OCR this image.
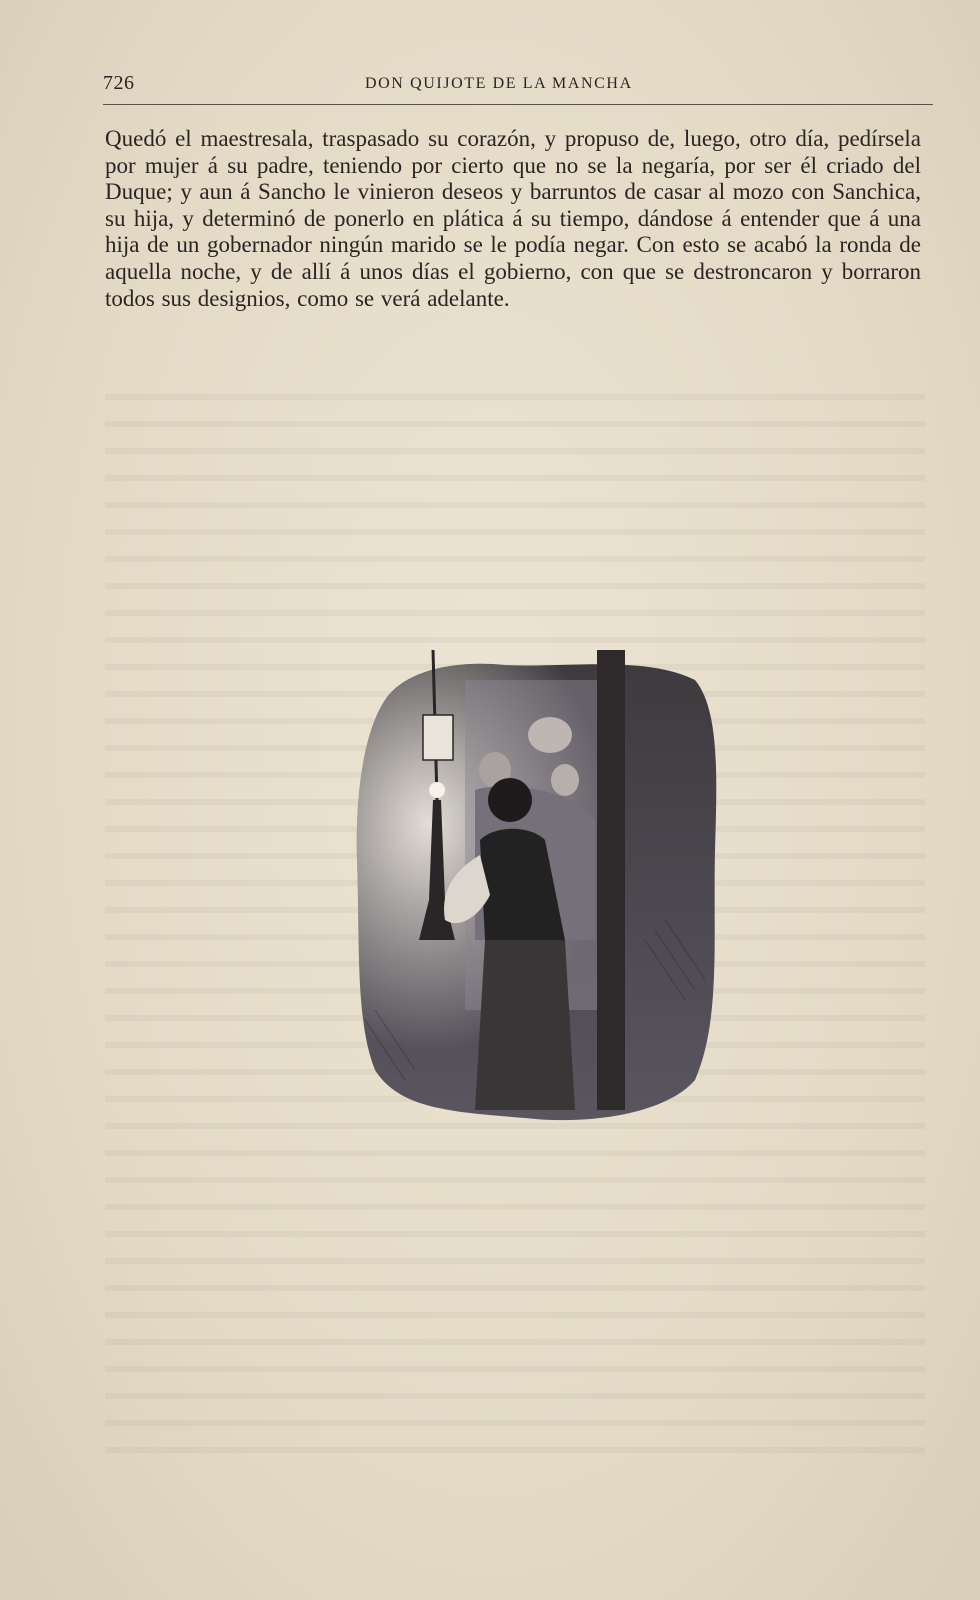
726	DON QUIJOTE DE LA MANCHA

Quedó el maestresala, traspasado su corazón, y propuso de, luego, otro día, pedírsela por mujer á su padre, teniendo por cierto que no se la negaría, por ser él criado del Duque; y aun á Sancho le vinieron deseos y barruntos de casar al mozo con Sanchica, su hija, y determinó de ponerlo en plática á su tiempo, dándose á entender que á una hija de un gobernador ningún marido se le podía negar. Con esto se acabó la ronda de aquella noche, y de allí á unos días el gobierno, con que se destroncaron y borraron todos sus designios, como se verá adelante.
